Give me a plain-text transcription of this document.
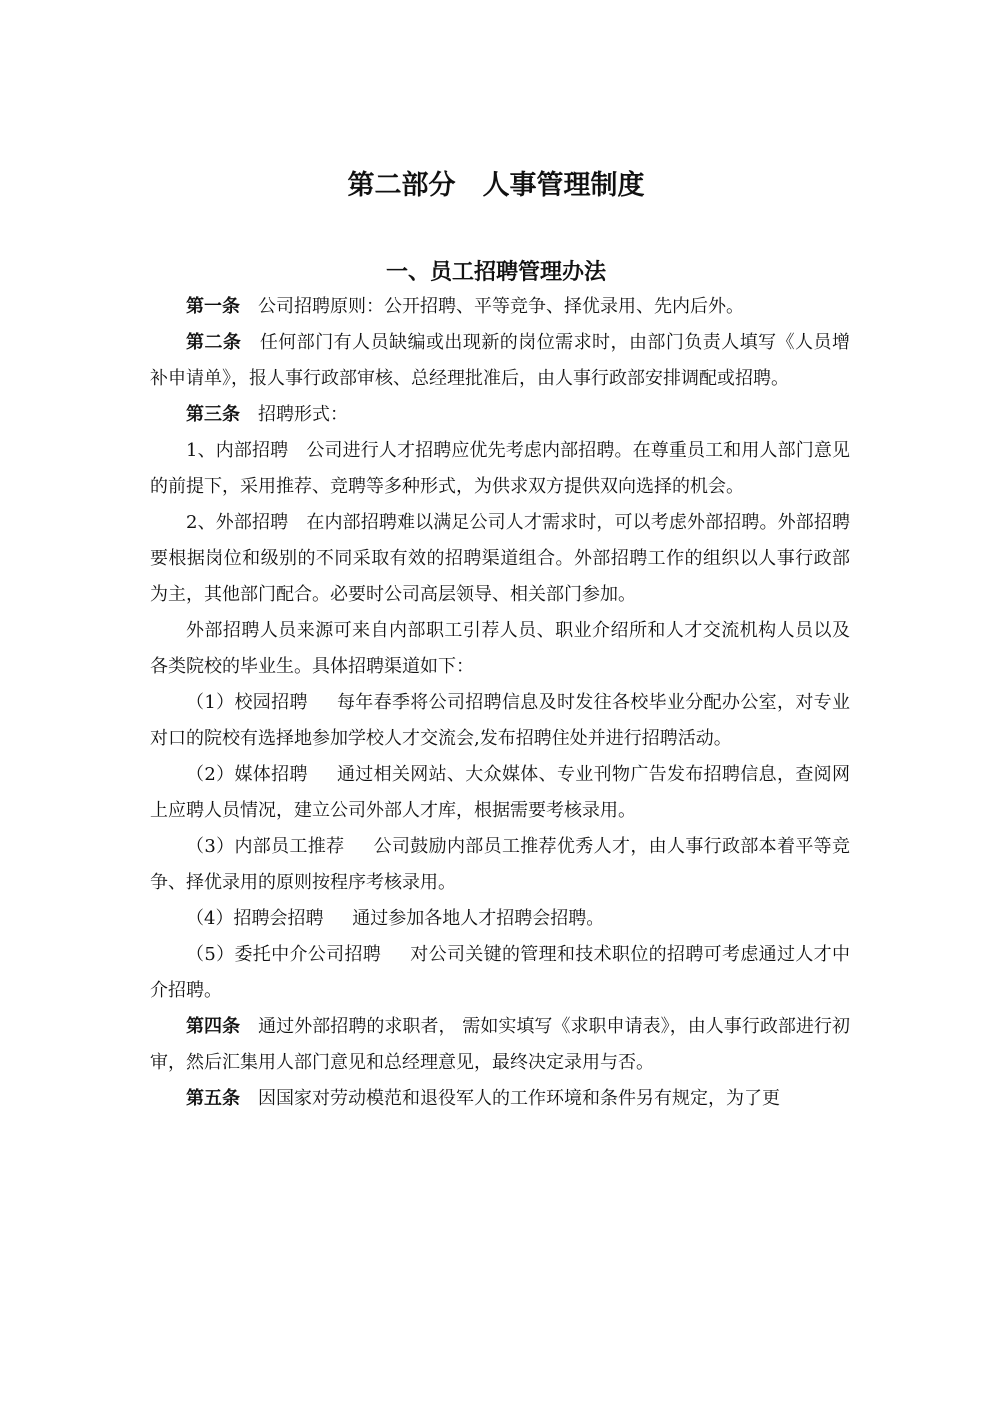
第二部分　人事管理制度
一、员工招聘管理办法

第一条 公司招聘原则：公开招聘、平等竞争、择优录用、先内后外。

第二条 任何部门有人员缺编或出现新的岗位需求时，由部门负责人填写《人员增补申请单》，报人事行政部审核、总经理批准后，由人事行政部安排调配或招聘。

第三条 招聘形式：

1、内部招聘 公司进行人才招聘应优先考虑内部招聘。在尊重员工和用人部门意见的前提下，采用推荐、竞聘等多种形式，为供求双方提供双向选择的机会。

2、外部招聘 在内部招聘难以满足公司人才需求时，可以考虑外部招聘。外部招聘要根据岗位和级别的不同采取有效的招聘渠道组合。外部招聘工作的组织以人事行政部为主，其他部门配合。必要时公司高层领导、相关部门参加。

外部招聘人员来源可来自内部职工引荐人员、职业介绍所和人才交流机构人员以及各类院校的毕业生。具体招聘渠道如下：

（1）校园招聘 每年春季将公司招聘信息及时发往各校毕业分配办公室，对专业对口的院校有选择地参加学校人才交流会,发布招聘住处并进行招聘活动。

（2）媒体招聘 通过相关网站、大众媒体、专业刊物广告发布招聘信息，查阅网上应聘人员情况，建立公司外部人才库，根据需要考核录用。

（3）内部员工推荐 公司鼓励内部员工推荐优秀人才，由人事行政部本着平等竞争、择优录用的原则按程序考核录用。

（4）招聘会招聘 通过参加各地人才招聘会招聘。

（5）委托中介公司招聘 对公司关键的管理和技术职位的招聘可考虑通过人才中介招聘。

第四条 通过外部招聘的求职者， 需如实填写《求职申请表》，由人事行政部进行初审，然后汇集用人部门意见和总经理意见，最终决定录用与否。

第五条 因国家对劳动模范和退役军人的工作环境和条件另有规定，为了更
